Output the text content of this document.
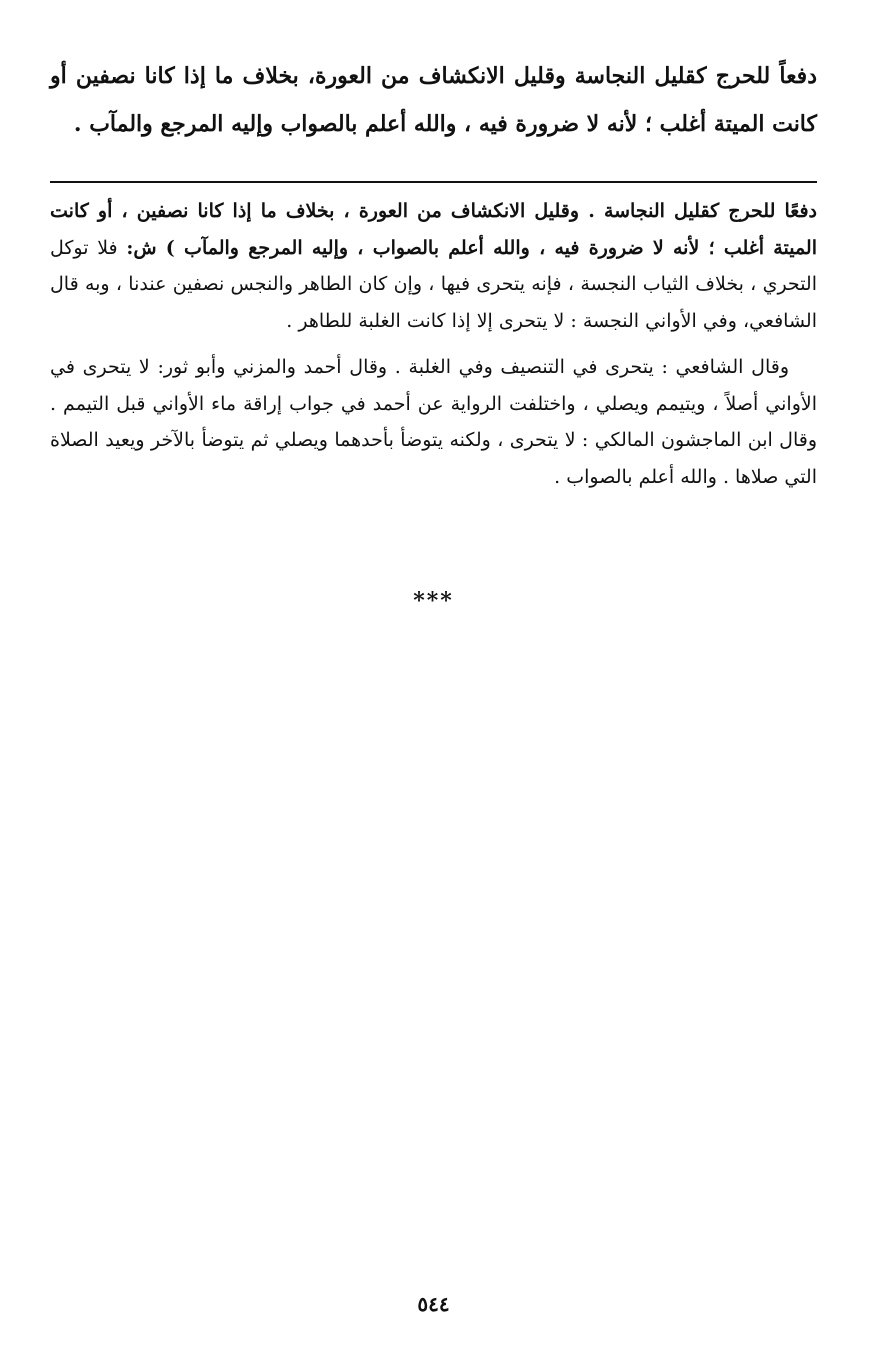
دفعاً للحرج كقليل النجاسة وقليل الانكشاف من العورة، بخلاف ما إذا كانا نصفين أو كانت الميتة أغلب ؛ لأنه لا ضرورة فيه ، والله أعلم بالصواب وإليه المرجع والمآب .

دفعًا للحرج كقليل النجاسة . وقليل الانكشاف من العورة ، بخلاف ما إذا كانا نصفين ، أو كانت الميتة أغلب ؛ لأنه لا ضرورة فيه ، والله أعلم بالصواب ، وإليه المرجع والمآب ) ش: فلا توكل التحري ، بخلاف الثياب النجسة ، فإنه يتحرى فيها ، وإن كان الطاهر والنجس نصفين عندنا ، وبه قال الشافعي، وفي الأواني النجسة : لا يتحرى إلا إذا كانت الغلبة للطاهر .

وقال الشافعي : يتحرى في التنصيف وفي الغلبة . وقال أحمد والمزني وأبو ثور: لا يتحرى في الأواني أصلاً ، ويتيمم ويصلي ، واختلفت الرواية عن أحمد في جواب إراقة ماء الأواني قبل التيمم . وقال ابن الماجشون المالكي : لا يتحرى ، ولكنه يتوضأ بأحدهما ويصلي ثم يتوضأ بالآخر ويعيد الصلاة التي صلاها . والله أعلم بالصواب .

***
٥٤٤
